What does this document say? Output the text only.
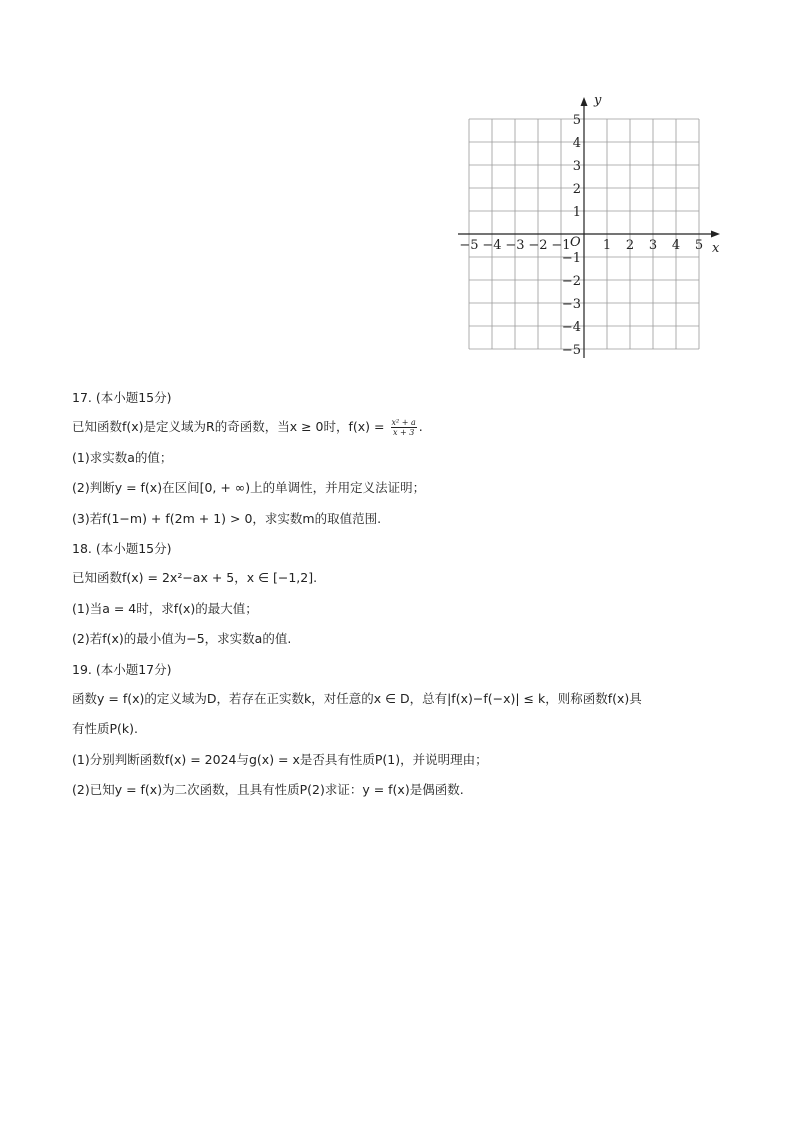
−5 −4 −3 −2 −1 1 2 3 4 5
5
4
3
2
1
−1
−2
−3
−4
−5
x
y
O
17. (本小题15分)
已知函数f(x)是定义域为R的奇函数，当x ≥ 0时，$f(x) = \frac{\text{x² + a}}{x + 3}$ .
(1)求实数a的值；
(2)判断y = f(x)在区间[0, + ∞)上的单调性，并用定义法证明；
(3)若f(1−m) + f(2m + 1) > 0，求实数m的取值范围.
18. (本小题15分)
已知函数f(x) = 2x²−ax + 5，x ∈ [−1,2].
(1)当a = 4时，求f(x)的最大值；
(2)若f(x)的最小值为−5，求实数a的值.
19. (本小题17分)
函数y = f(x)的定义域为D，若存在正实数k，对任意的x ∈ D，总有|f(x)−f(−x)| ≤ k，则称函数f(x)具
有性质P(k).
(1)分别判断函数f(x) = 2024与g(x) = x是否具有性质P(1)，并说明理由；
(2)已知y = f(x)为二次函数，且具有性质P(2)求证：y = f(x)是偶函数.
